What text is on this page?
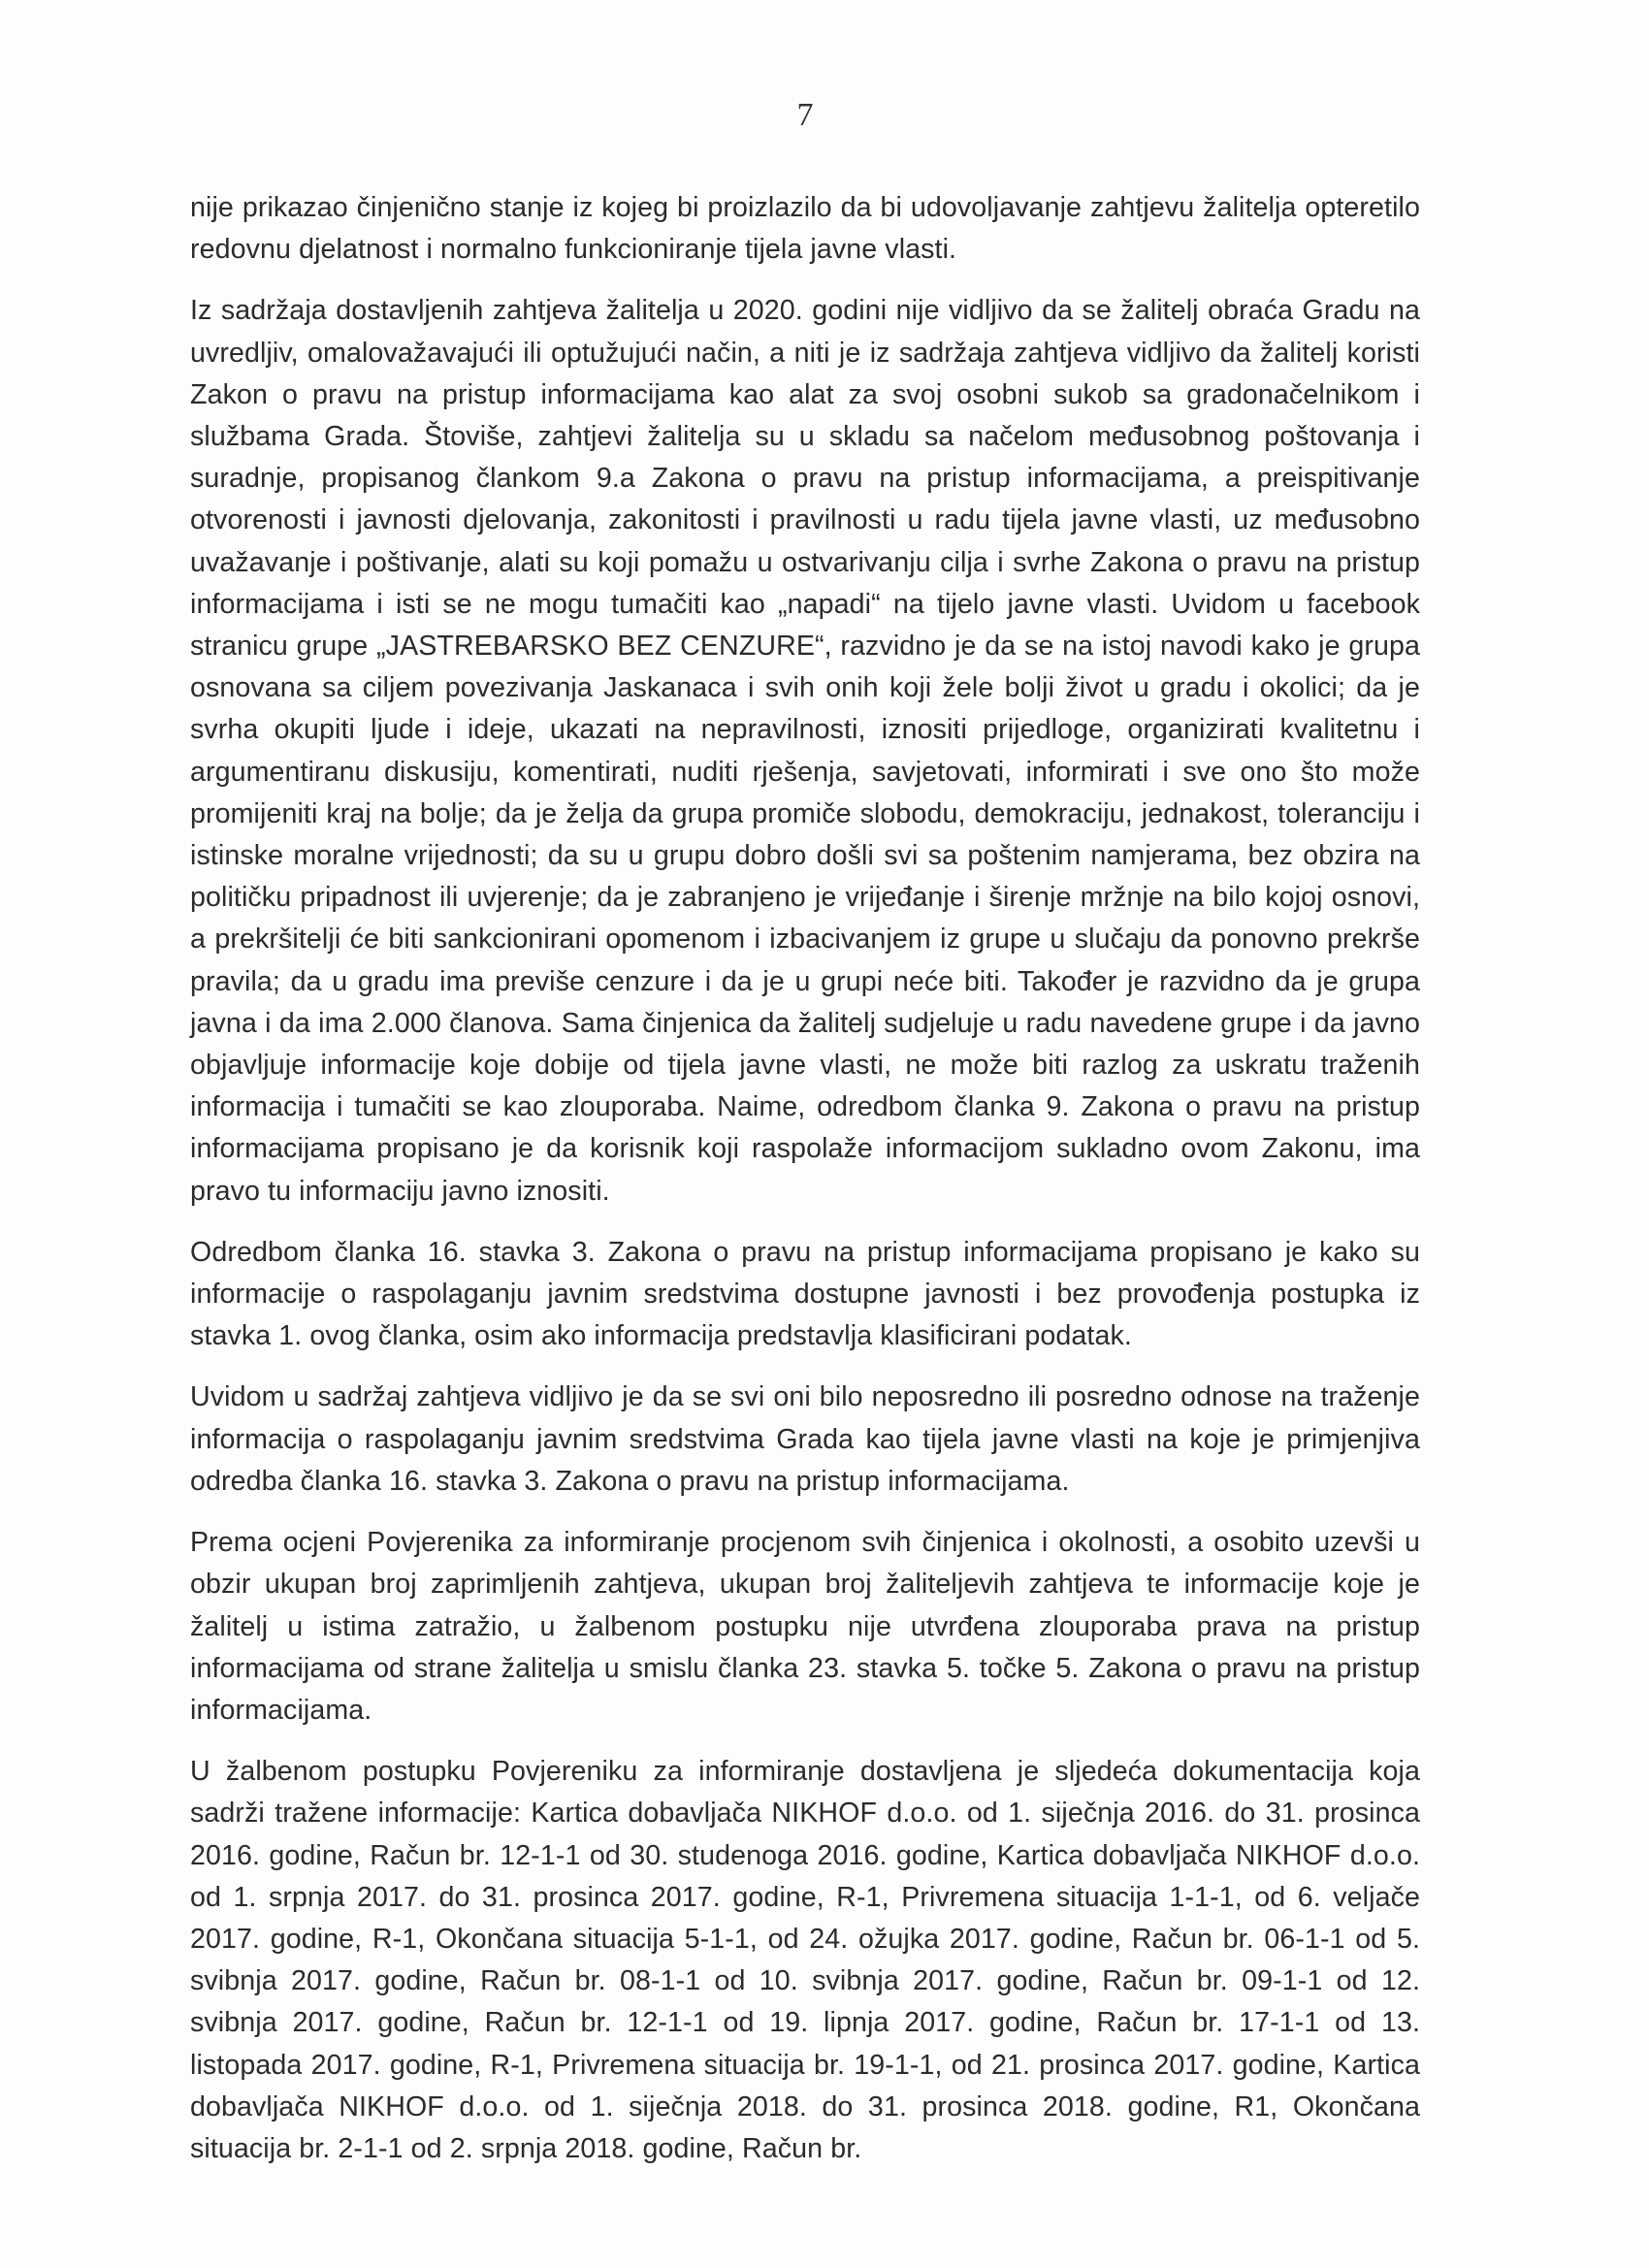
7

nije prikazao činjenično stanje iz kojeg bi proizlazilo da bi udovoljavanje zahtjevu žalitelja opteretilo redovnu djelatnost i normalno funkcioniranje tijela javne vlasti.

Iz sadržaja dostavljenih zahtjeva žalitelja u 2020. godini nije vidljivo da se žalitelj obraća Gradu na uvredljiv, omalovažavajući ili optužujući način, a niti je iz sadržaja zahtjeva vidljivo da žalitelj koristi Zakon o pravu na pristup informacijama kao alat za svoj osobni sukob sa gradonačelnikom i službama Grada. Štoviše, zahtjevi žalitelja su u skladu sa načelom međusobnog poštovanja i suradnje, propisanog člankom 9.a Zakona o pravu na pristup informacijama, a preispitivanje otvorenosti i javnosti djelovanja, zakonitosti i pravilnosti u radu tijela javne vlasti, uz međusobno uvažavanje i poštivanje, alati su koji pomažu u ostvarivanju cilja i svrhe Zakona o pravu na pristup informacijama i isti se ne mogu tumačiti kao „napadi“ na tijelo javne vlasti. Uvidom u facebook stranicu grupe „JASTREBARSKO BEZ CENZURE“, razvidno je da se na istoj navodi kako je grupa osnovana sa ciljem povezivanja Jaskanaca i svih onih koji žele bolji život u gradu i okolici; da je svrha okupiti ljude i ideje, ukazati na nepravilnosti, iznositi prijedloge, organizirati kvalitetnu i argumentiranu diskusiju, komentirati, nuditi rješenja, savjetovati, informirati i sve ono što može promijeniti kraj na bolje; da je želja da grupa promiče slobodu, demokraciju, jednakost, toleranciju i istinske moralne vrijednosti; da su u grupu dobro došli svi sa poštenim namjerama, bez obzira na političku pripadnost ili uvjerenje; da je zabranjeno je vrijeđanje i širenje mržnje na bilo kojoj osnovi, a prekršitelji će biti sankcionirani opomenom i izbacivanjem iz grupe u slučaju da ponovno prekrše pravila; da u gradu ima previše cenzure i da je u grupi neće biti. Također je razvidno da je grupa javna i da ima 2.000 članova. Sama činjenica da žalitelj sudjeluje u radu navedene grupe i da javno objavljuje informacije koje dobije od tijela javne vlasti, ne može biti razlog za uskratu traženih informacija i tumačiti se kao zlouporaba. Naime, odredbom članka 9. Zakona o pravu na pristup informacijama propisano je da korisnik koji raspolaže informacijom sukladno ovom Zakonu, ima pravo tu informaciju javno iznositi.

Odredbom članka 16. stavka 3. Zakona o pravu na pristup informacijama propisano je kako su informacije o raspolaganju javnim sredstvima dostupne javnosti i bez provođenja postupka iz stavka 1. ovog članka, osim ako informacija predstavlja klasificirani podatak.

Uvidom u sadržaj zahtjeva vidljivo je da se svi oni bilo neposredno ili posredno odnose na traženje informacija o raspolaganju javnim sredstvima Grada kao tijela javne vlasti na koje je primjenjiva odredba članka 16. stavka 3. Zakona o pravu na pristup informacijama.

Prema ocjeni Povjerenika za informiranje procjenom svih činjenica i okolnosti, a osobito uzevši u obzir ukupan broj zaprimljenih zahtjeva, ukupan broj žaliteljevih zahtjeva te informacije koje je žalitelj u istima zatražio, u žalbenom postupku nije utvrđena zlouporaba prava na pristup informacijama od strane žalitelja u smislu članka 23. stavka 5. točke 5. Zakona o pravu na pristup informacijama.

U žalbenom postupku Povjereniku za informiranje dostavljena je sljedeća dokumentacija koja sadrži tražene informacije: Kartica dobavljača NIKHOF d.o.o. od 1. siječnja 2016. do 31. prosinca 2016. godine, Račun br. 12-1-1 od 30. studenoga 2016. godine, Kartica dobavljača NIKHOF d.o.o. od 1. srpnja 2017. do 31. prosinca 2017. godine, R-1, Privremena situacija 1-1-1, od 6. veljače 2017. godine, R-1, Okončana situacija 5-1-1, od 24. ožujka 2017. godine, Račun br. 06-1-1 od 5. svibnja 2017. godine, Račun br. 08-1-1 od 10. svibnja 2017. godine, Račun br. 09-1-1 od 12. svibnja 2017. godine, Račun br. 12-1-1 od 19. lipnja 2017. godine, Račun br. 17-1-1 od 13. listopada 2017. godine, R-1, Privremena situacija br. 19-1-1, od 21. prosinca 2017. godine, Kartica dobavljača NIKHOF d.o.o. od 1. siječnja 2018. do 31. prosinca 2018. godine, R1, Okončana situacija br. 2-1-1 od 2. srpnja 2018. godine, Račun br.
